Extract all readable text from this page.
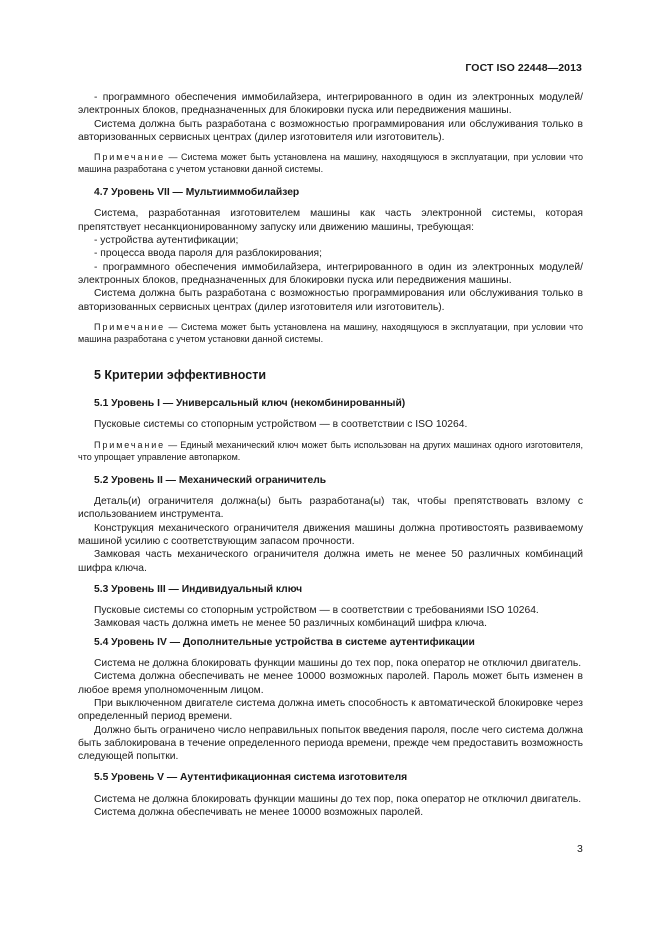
ГОСТ ISO 22448—2013

- программного обеспечения иммобилайзера, интегрированного в один из электронных модулей/электронных блоков, предназначенных для блокировки пуска или передвижения машины.

Система должна быть разработана с возможностью программирования или обслуживания только в авторизованных сервисных центрах (дилер изготовителя или изготовитель).

Примечание — Система может быть установлена на машину, находящуюся в эксплуатации, при условии что машина разработана с учетом установки данной системы.

4.7 Уровень VII — Мультииммобилайзер

Система, разработанная изготовителем машины как часть электронной системы, которая препятствует несанкционированному запуску или движению машины, требующая:

- устройства аутентификации;

- процесса ввода пароля для разблокирования;

- программного обеспечения иммобилайзера, интегрированного в один из электронных модулей/электронных блоков, предназначенных для блокировки пуска или передвижения машины.

Система должна быть разработана с возможностью программирования или обслуживания только в авторизованных сервисных центрах (дилер изготовителя или изготовитель).

Примечание — Система может быть установлена на машину, находящуюся в эксплуатации, при условии что машина разработана с учетом установки данной системы.

5 Критерии эффективности

5.1 Уровень I — Универсальный ключ (некомбинированный)

Пусковые системы со стопорным устройством — в соответствии с ISO 10264.

Примечание — Единый механический ключ может быть использован на других машинах одного изготовителя, что упрощает управление автопарком.

5.2 Уровень II — Механический ограничитель

Деталь(и) ограничителя должна(ы) быть разработана(ы) так, чтобы препятствовать взлому с использованием инструмента.

Конструкция механического ограничителя движения машины должна противостоять развиваемому машиной усилию с соответствующим запасом прочности.

Замковая часть механического ограничителя должна иметь не менее 50 различных комбинаций шифра ключа.

5.3 Уровень III — Индивидуальный ключ

Пусковые системы со стопорным устройством — в соответствии с требованиями ISO 10264.

Замковая часть должна иметь не менее 50 различных комбинаций шифра ключа.

5.4 Уровень IV — Дополнительные устройства в системе аутентификации

Система не должна блокировать функции машины до тех пор, пока оператор не отключил двигатель.

Система должна обеспечивать не менее 10000 возможных паролей. Пароль может быть изменен в любое время уполномоченным лицом.

При выключенном двигателе система должна иметь способность к автоматической блокировке через определенный период времени.

Должно быть ограничено число неправильных попыток введения пароля, после чего система должна быть заблокирована в течение определенного периода времени, прежде чем предоставить возможность следующей попытки.

5.5 Уровень V — Аутентификационная система изготовителя

Система не должна блокировать функции машины до тех пор, пока оператор не отключил двигатель.

Система должна обеспечивать не менее 10000 возможных паролей.

3
